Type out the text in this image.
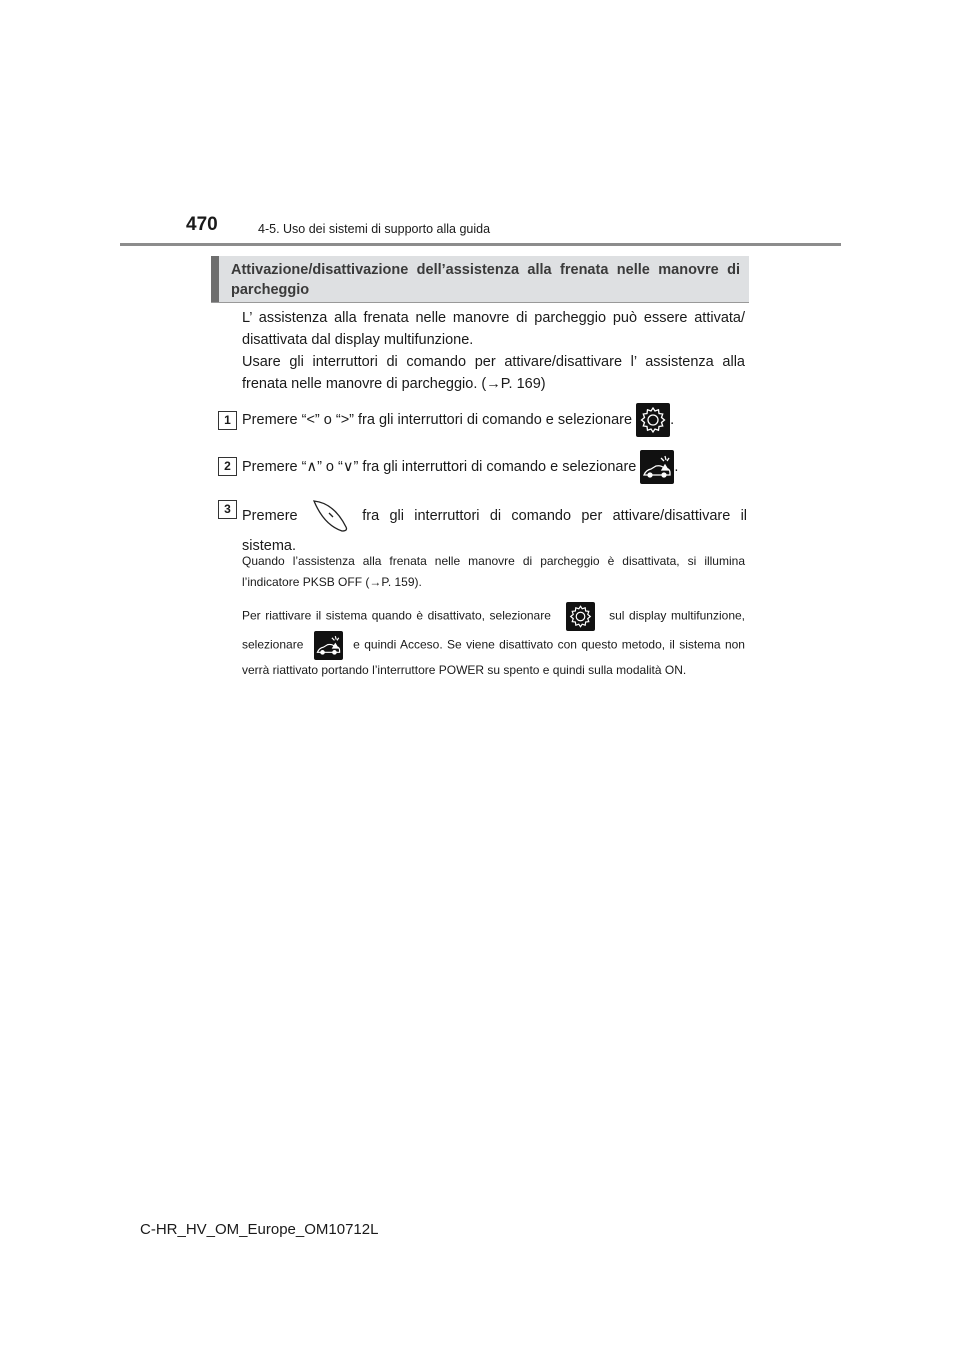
470	4-5. Uso dei sistemi di supporto alla guida
Attivazione/disattivazione dell’assistenza alla frenata nelle manovre di parcheggio

L’ assistenza alla frenata nelle manovre di parcheggio può essere attivata/
disattivata dal display multifunzione.
Usare gli interruttori di comando per attivare/disattivare l’ assistenza alla
frenata nelle manovre di parcheggio. (→P. 169)

1 Premere “<” o “>” fra gli interruttori di comando e selezionare	.
2 Premere “∧” o “∨” fra gli interruttori di comando e selezionare	.
3 Premere	fra gli interruttori di comando per attivare/disattivare il sistema.

Quando l’assistenza alla frenata nelle manovre di parcheggio è disattivata, si illumina l’indicatore PKSB OFF (→P. 159).

Per riattivare il sistema quando è disattivato, selezionare	sul display multifunzione, selezionare	e quindi Acceso. Se viene disattivato con questo metodo, il sistema non verrà riattivato portando l’interruttore POWER su spento e quindi sulla modalità ON.

C-HR_HV_OM_Europe_OM10712L
